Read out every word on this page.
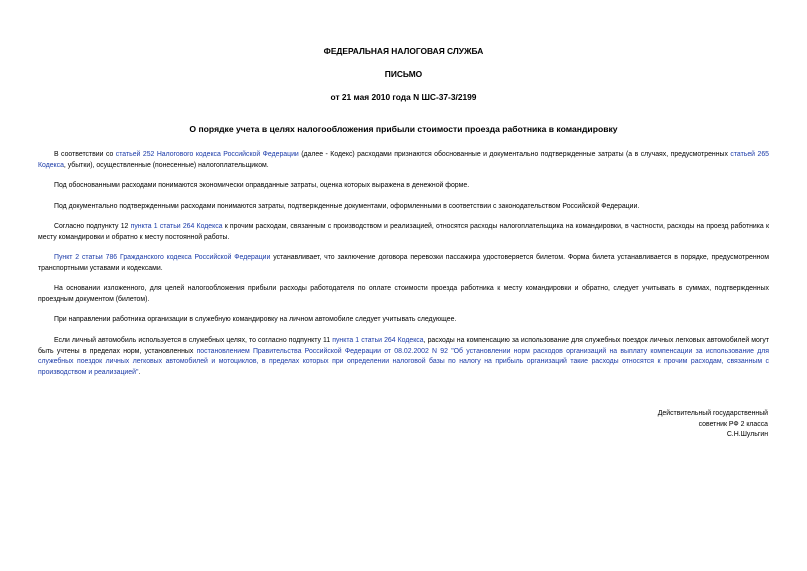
ФЕДЕРАЛЬНАЯ НАЛОГОВАЯ СЛУЖБА
ПИСЬМО
от 21 мая 2010 года N ШС-37-3/2199
О порядке учета в целях налогообложения прибыли стоимости проезда работника в командировку

В соответствии со статьей 252 Налогового кодекса Российской Федерации (далее - Кодекс) расходами признаются обоснованные и документально подтвержденные затраты (а в случаях, предусмотренных статьей 265 Кодекса, убытки), осуществленные (понесенные) налогоплательщиком.

Под обоснованными расходами понимаются экономически оправданные затраты, оценка которых выражена в денежной форме.

Под документально подтвержденными расходами понимаются затраты, подтвержденные документами, оформленными в соответствии с законодательством Российской Федерации.

Согласно подпункту 12 пункта 1 статьи 264 Кодекса к прочим расходам, связанным с производством и реализацией, относятся расходы налогоплательщика на командировки, в частности, расходы на проезд работника к месту командировки и обратно к месту постоянной работы.

Пункт 2 статьи 786 Гражданского кодекса Российской Федерации устанавливает, что заключение договора перевозки пассажира удостоверяется билетом. Форма билета устанавливается в порядке, предусмотренном транспортными уставами и кодексами.

На основании изложенного, для целей налогообложения прибыли расходы работодателя по оплате стоимости проезда работника к месту командировки и обратно, следует учитывать в суммах, подтвержденных проездным документом (билетом).

При направлении работника организации в служебную командировку на личном автомобиле следует учитывать следующее.

Если личный автомобиль используется в служебных целях, то согласно подпункту 11 пункта 1 статьи 264 Кодекса, расходы на компенсацию за использование для служебных поездок личных легковых автомобилей могут быть учтены в пределах норм, установленных постановлением Правительства Российской Федерации от 08.02.2002 N 92 "Об установлении норм расходов организаций на выплату компенсации за использование для служебных поездок личных легковых автомобилей и мотоциклов, в пределах которых при определении налоговой базы по налогу на прибыль организаций такие расходы относятся к прочим расходам, связанным с производством и реализацией".

Действительный государственный
советник РФ 2 класса
С.Н.Шульгин
